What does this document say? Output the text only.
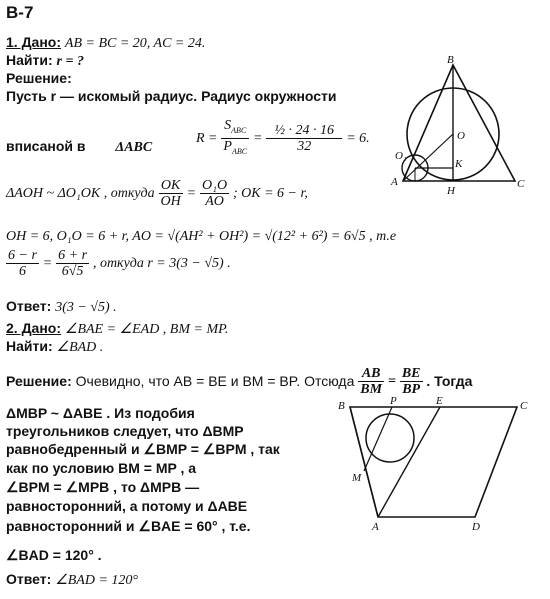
B-7
1. Дано: AB = BC = 20, AC = 24.
Найти: r = ?
Решение:
Пусть r — искомый радиус. Радиус окружности
вписаной в ΔABC
$R = \frac{S_{ABC}}{P_{ABC}} = \frac{\text{½ · 24 · 16}}{32} = 6$.
ΔAOH ~ ΔO₁OK , откуда $\frac{OK}{OH} = \frac{\text{O₁O}}{AO}$ ; OK = 6 − r,
OH = 6, O₁O = 6 + r, AO = √(AH² + OH²) = √(12² + 6²) = 6√5 , т.е
$\frac{6 - r}{6} = \frac{6 + r}{6√5}$ , откуда r = 3(3 − √5) .
Ответ: 3(3 − √5) .
2. Дано: ∠BAE = ∠EAD , BM = MP.
Найти: ∠BAD .
Решение: Очевидно, что AB = BE и BM = BP. Отсюда $\frac{AB}{BM} = \frac{BE}{BP}$ . Тогда
ΔMBP ~ ΔABE . Из подобия
треугольников следует, что ΔBMP
равнобедренный и ∠BMP = ∠BPM , так
как по условию BM = MP , а
∠BPM = ∠MPB , то ΔMPB —
равносторонний, а потому и ΔABE
равносторонний и ∠BAE = 60° , т.е.
∠BAD = 120° .
Ответ: ∠BAD = 120°
B
O
O₁
K
A
H
C
B	P	E	C
M
A	D
